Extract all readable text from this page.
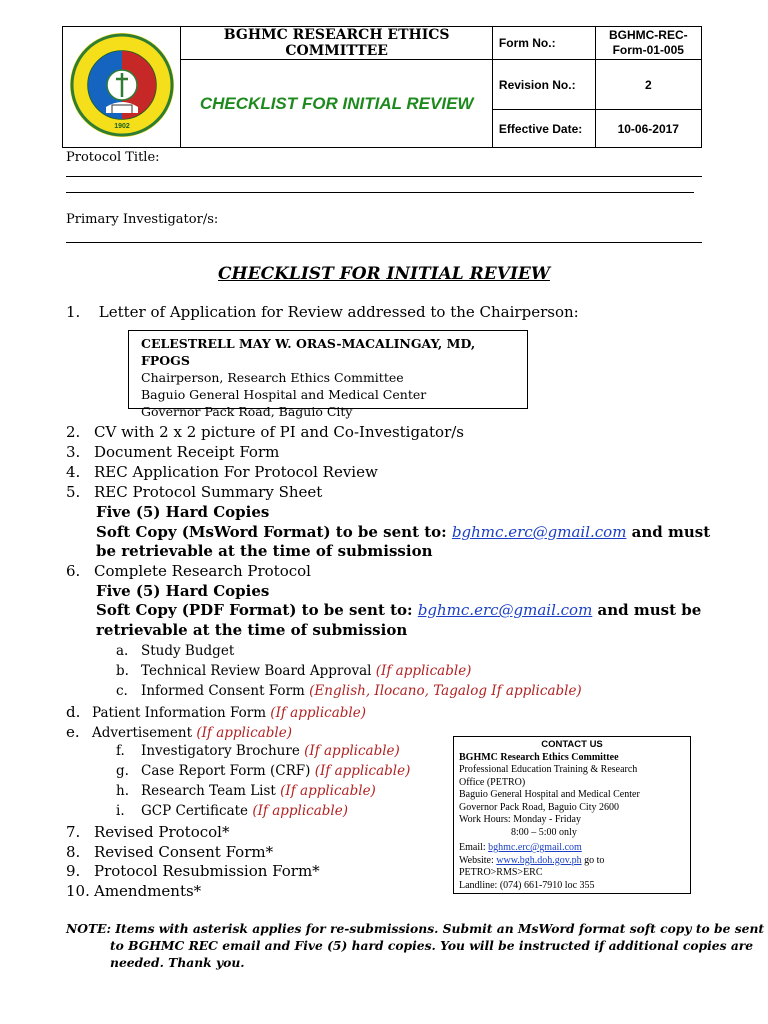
1902	BGHMC RESEARCH ETHICS COMMITTEE	Form No.:	BGHMC-REC-Form-01-005
	CHECKLIST FOR INITIAL REVIEW	Revision No.:	2
		Effective Date:	10-06-2017
Protocol Title:
Primary Investigator/s:
CHECKLIST FOR INITIAL REVIEW
1. Letter of Application for Review addressed to the Chairperson:
CELESTRELL MAY W. ORAS-MACALINGAY, MD, FPOGS
Chairperson, Research Ethics Committee
Baguio General Hospital and Medical Center
Governor Pack Road, Baguio City
2. CV with 2 x 2 picture of PI and Co-Investigator/s
3. Document Receipt Form
4. REC Application For Protocol Review
5. REC Protocol Summary Sheet
Five (5) Hard Copies
Soft Copy (MsWord Format) to be sent to: bghmc.erc@gmail.com and must
be retrievable at the time of submission
6. Complete Research Protocol
Five (5) Hard Copies
Soft Copy (PDF Format) to be sent to: bghmc.erc@gmail.com and must be
retrievable at the time of submission
a. Study Budget
b. Technical Review Board Approval (If applicable)
c. Informed Consent Form (English, Ilocano, Tagalog If applicable)
d. Patient Information Form (If applicable)
e. Advertisement (If applicable)
f. Investigatory Brochure (If applicable)
g. Case Report Form (CRF) (If applicable)
h. Research Team List (If applicable)
i. GCP Certificate (If applicable)
7. Revised Protocol*
8. Revised Consent Form*
9. Protocol Resubmission Form*
10. Amendments*
CONTACT US
BGHMC Research Ethics Committee
Professional Education Training & Research
Office (PETRO)
Baguio General Hospital and Medical Center
Governor Pack Road, Baguio City 2600
Work Hours: Monday - Friday
8:00 – 5:00 only
Email: bghmc.erc@gmail.com
Website: www.bgh.doh.gov.ph go to
PETRO>RMS>ERC
Landline: (074) 661-7910 loc 355
NOTE: Items with asterisk applies for re-submissions. Submit an MsWord format soft copy to be sent
to BGHMC REC email and Five (5) hard copies. You will be instructed if additional copies are
needed. Thank you.
